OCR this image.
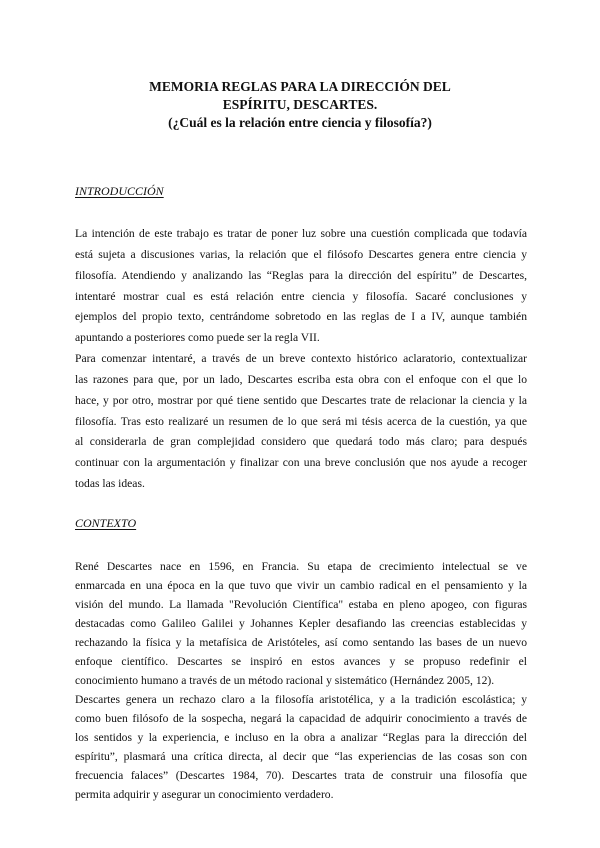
MEMORIA REGLAS PARA LA DIRECCIÓN DEL
ESPÍRITU, DESCARTES.
(¿Cuál es la relación entre ciencia y filosofía?)
INTRODUCCIÓN
La intención de este trabajo es tratar de poner luz sobre una cuestión complicada que todavía
está sujeta a discusiones varias, la relación que el filósofo Descartes genera entre ciencia y
filosofía. Atendiendo y analizando las “Reglas para la dirección del espíritu” de Descartes,
intentaré mostrar cual es está relación entre ciencia y filosofía. Sacaré conclusiones y
ejemplos del propio texto, centrándome sobretodo en las reglas de I a IV, aunque también
apuntando a posteriores como puede ser la regla VII.
Para comenzar intentaré, a través de un breve contexto histórico aclaratorio, contextualizar
las razones para que, por un lado, Descartes escriba esta obra con el enfoque con el que lo
hace, y por otro, mostrar por qué tiene sentido que Descartes trate de relacionar la ciencia y la
filosofía. Tras esto realizaré un resumen de lo que será mi tésis acerca de la cuestión, ya que
al considerarla de gran complejidad considero que quedará todo más claro; para después
continuar con la argumentación y finalizar con una breve conclusión que nos ayude a recoger
todas las ideas.
CONTEXTO
René Descartes nace en 1596, en Francia. Su etapa de crecimiento intelectual se ve
enmarcada en una época en la que tuvo que vivir un cambio radical en el pensamiento y la
visión del mundo. La llamada "Revolución Científica" estaba en pleno apogeo, con figuras
destacadas como Galileo Galilei y Johannes Kepler desafiando las creencias establecidas y
rechazando la física y la metafísica de Aristóteles, así como sentando las bases de un nuevo
enfoque científico. Descartes se inspiró en estos avances y se propuso redefinir el
conocimiento humano a través de un método racional y sistemático (Hernández 2005, 12).
Descartes genera un rechazo claro a la filosofía aristotélica, y a la tradición escolástica; y
como buen filósofo de la sospecha, negará la capacidad de adquirir conocimiento a través de
los sentidos y la experiencia, e incluso en la obra a analizar “Reglas para la dirección del
espíritu”, plasmará una crítica directa, al decir que “las experiencias de las cosas son con
frecuencia falaces” (Descartes 1984, 70). Descartes trata de construir una filosofía que
permita adquirir y asegurar un conocimiento verdadero.
